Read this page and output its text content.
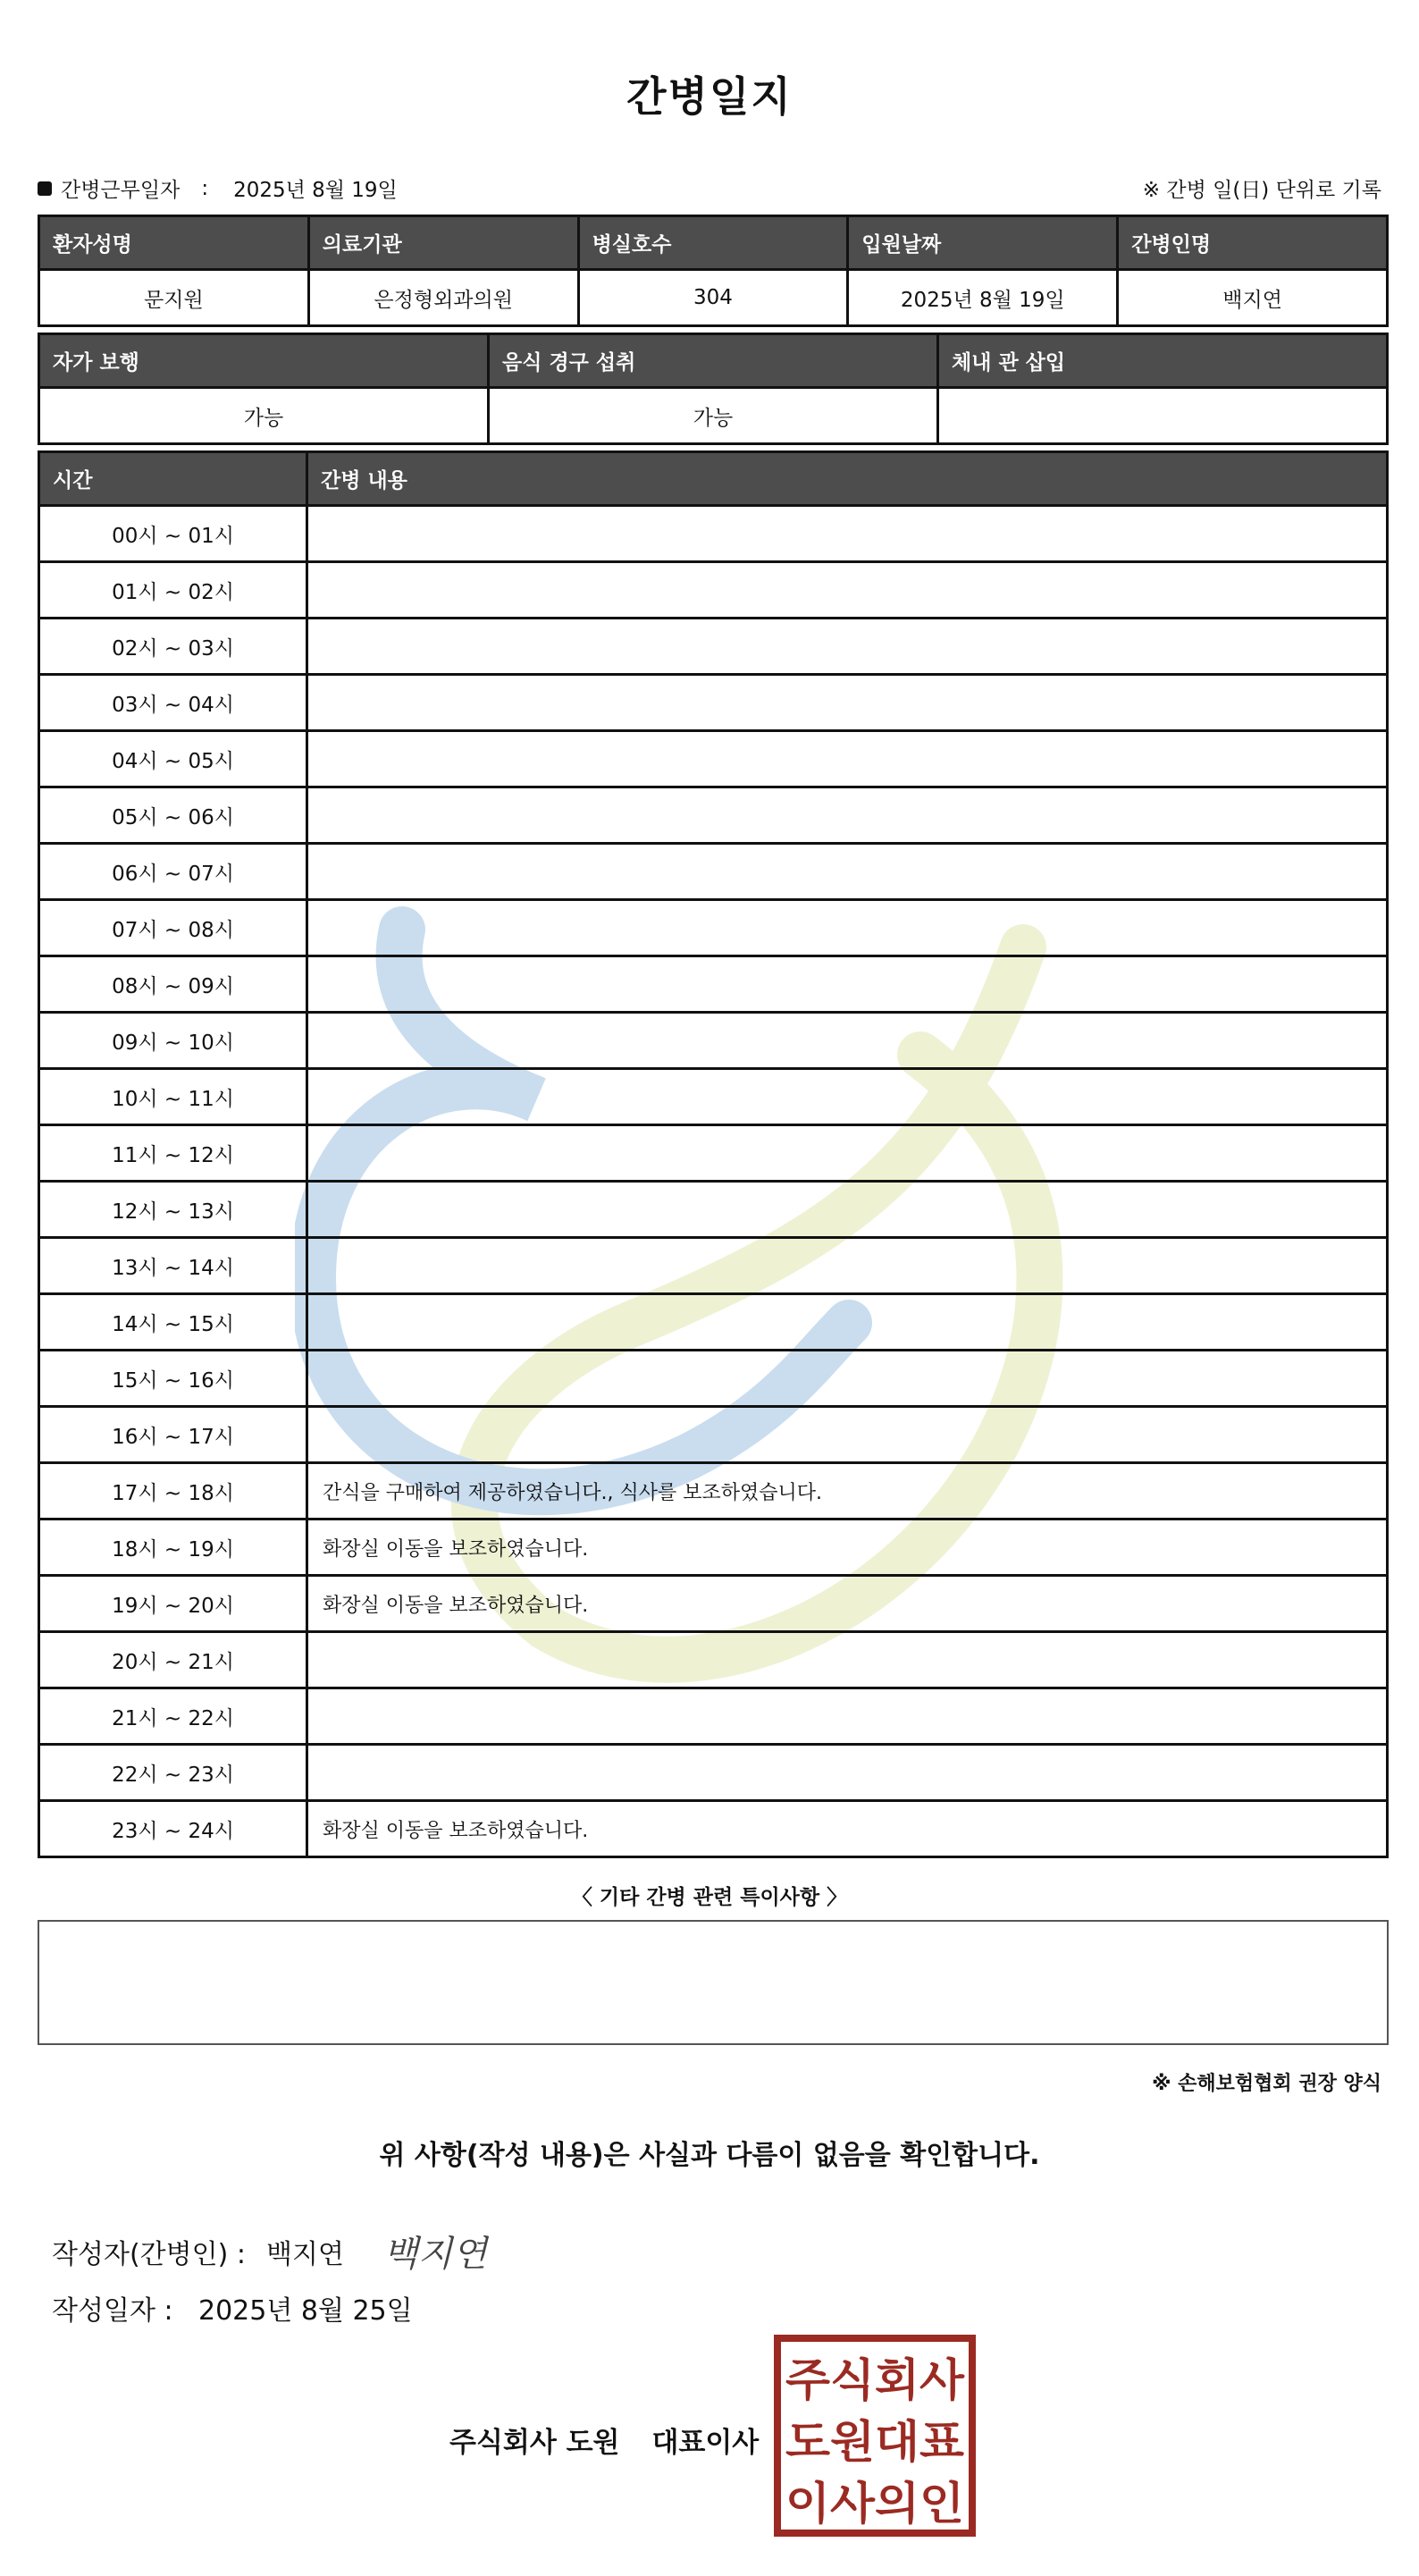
간병일지
간병근무일자 : 2025년 8월 19일	※ 간병 일(日) 단위로 기록
환자성명	의료기관	병실호수	입원날짜	간병인명
문지원	은정형외과의원	304	2025년 8월 19일	백지연
자가 보행	음식 경구 섭취	체내 관 삽입
가능	가능	
시간	간병 내용
00시 ~ 01시	
01시 ~ 02시	
02시 ~ 03시	
03시 ~ 04시	
04시 ~ 05시	
05시 ~ 06시	
06시 ~ 07시	
07시 ~ 08시	
08시 ~ 09시	
09시 ~ 10시	
10시 ~ 11시	
11시 ~ 12시	
12시 ~ 13시	
13시 ~ 14시	
14시 ~ 15시	
15시 ~ 16시	
16시 ~ 17시	
17시 ~ 18시	간식을 구매하여 제공하였습니다., 식사를 보조하였습니다.
18시 ~ 19시	화장실 이동을 보조하였습니다.
19시 ~ 20시	화장실 이동을 보조하였습니다.
20시 ~ 21시	
21시 ~ 22시	
22시 ~ 23시	
23시 ~ 24시	화장실 이동을 보조하였습니다.
〈 기타 간병 관련 특이사항 〉
※ 손해보험협회 권장 양식
위 사항(작성 내용)은 사실과 다름이 없음을 확인합니다.
작성자(간병인) : 백지연 백지연
작성일자 : 2025년 8월 25일
주식회사 도원 대표이사
주식회사
도원대표
이사의인
